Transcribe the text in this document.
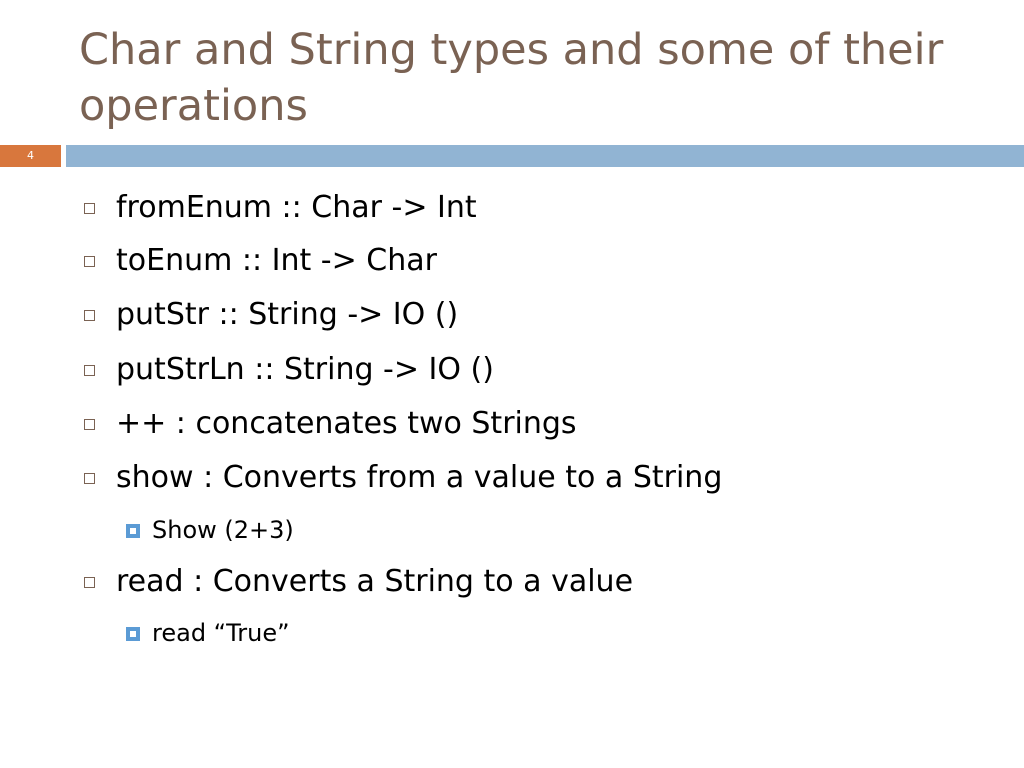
Char and String types and some of their operations
4
fromEnum :: Char -> Int
toEnum :: Int -> Char
putStr :: String -> IO ()
putStrLn :: String -> IO ()
++ : concatenates two Strings
show : Converts from a value to a String
Show (2+3)
read : Converts a String to a value
read “True”
